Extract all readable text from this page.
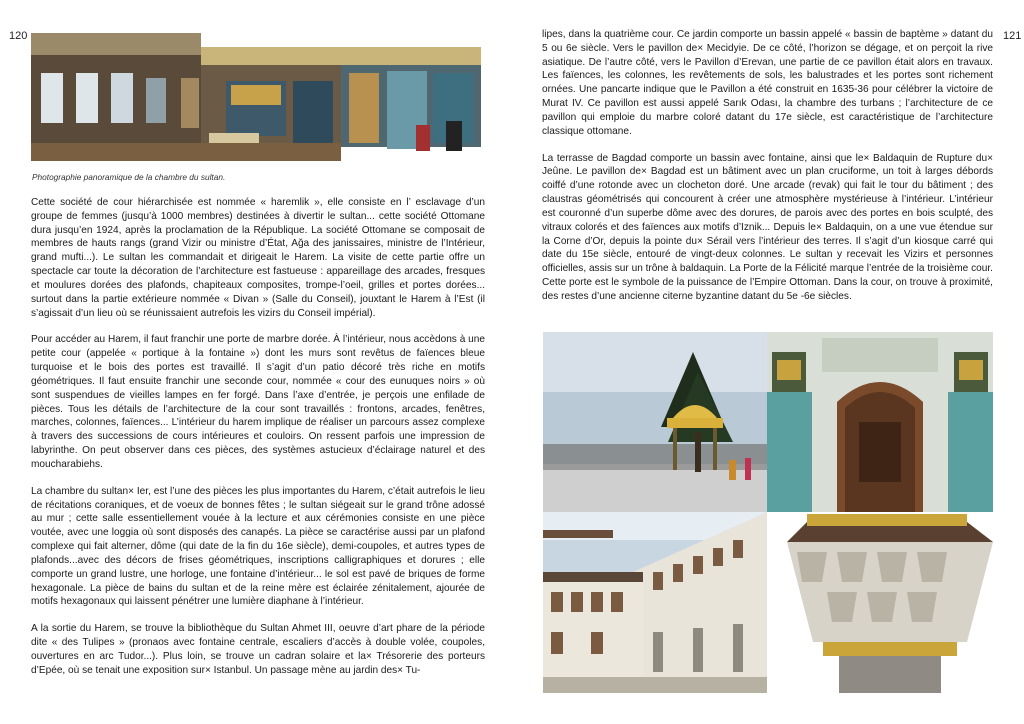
120	121
Photographie panoramique de la chambre du sultan.

Cette société de cour hiérarchisée est nommée « haremlik », elle consiste en l’ esclavage d’un groupe de femmes (jusqu’à 1000 membres) destinées à divertir le sultan... cette société Ottomane dura jusqu’en 1924, après la proclamation de la République. La société Ottomane se composait de membres de hauts rangs (grand Vizir ou ministre d’État, Ağa des janissaires, ministre de l’Intérieur, grand mufti...). Le sultan les commandait et dirigeait le Harem. La visite de cette partie offre un spectacle car toute la décoration de l’architecture est fastueuse : appareillage des arcades, fresques et moulures dorées des plafonds, chapiteaux composites, trompe-l’oeil, grilles et portes dorées... surtout dans la partie extérieure nommée « Divan » (Salle du Conseil), jouxtant le Harem à l’Est (il s’agissait d’un lieu où se réunissaient autrefois les vizirs du Conseil impérial).

Pour accéder au Harem, il faut franchir une porte de marbre dorée. À l’intérieur, nous accèdons à une petite cour (appelée « portique à la fontaine ») dont les murs sont revêtus de faïences bleue turquoise et le bois des portes est travaillé. Il s’agit d’un patio décoré très riche en motifs géométriques. Il faut ensuite franchir une seconde cour, nommée « cour des eunuques noirs » où sont suspendues de vieilles lampes en fer forgé. Dans l’axe d’entrée, je perçois une enfilade de pièces. Tous les détails de l’architecture de la cour sont travaillés : frontons, arcades, fenêtres, marches, colonnes, faïences... L’intérieur du harem implique de réaliser un parcours assez complexe à travers des successions de cours intérieures et couloirs. On ressent parfois une impression de labyrinthe. On peut observer dans ces pièces, des systèmes astucieux d’éclairage naturel et des moucharabiehs.

La chambre du sultan× Ier, est l’une des pièces les plus importantes du Harem, c’était autrefois le lieu de récitations coraniques, et de voeux de bonnes fêtes ; le sultan siégeait sur le grand trône adossé au mur ; cette salle essentiellement vouée à la lecture et aux cérémonies consiste en une pièce voutée, avec une loggia où sont disposés des canapés. La pièce se caractérise aussi par un plafond complexe qui fait alterner, dôme (qui date de la fin du 16e siècle), demi-coupoles, et autres types de plafonds...avec des décors de frises géométriques, inscriptions calligraphiques et dorures ; elle comporte un grand lustre, une horloge, une fontaine d’intérieur... le sol est pavé de briques de forme hexagonale. La pièce de bains du sultan et de la reine mère est éclairée zénitalement, ajourée de motifs hexagonaux qui laissent pénétrer une lumière diaphane à l’intérieur.

A la sortie du Harem, se trouve la bibliothèque du Sultan Ahmet III, oeuvre d’art phare de la période dite « des Tulipes » (pronaos avec fontaine centrale, escaliers d’accès à double volée, coupoles, ouvertures en arc Tudor...). Plus loin, se trouve un cadran solaire et la× Trésorerie des porteurs d’Epée, où se tenait une exposition sur× Istanbul. Un passage mène au jardin des× Tu-

lipes, dans la quatrième cour. Ce jardin comporte un bassin appelé « bassin de baptème » datant du 5 ou 6e siècle. Vers le pavillon de× Mecidyie. De ce côté, l’horizon se dégage, et on perçoit la rive asiatique. De l’autre côté, vers le Pavillon d’Erevan, une partie de ce pavillon était alors en travaux. Les faïences, les colonnes, les revêtements de sols, les balustrades et les portes sont richement ornées. Une pancarte indique que le Pavillon a été construit en 1635-36 pour célébrer la victoire de Murat IV. Ce pavillon est aussi appelé Sarık Odası, la chambre des turbans ; l’architecture de ce pavillon qui emploie du marbre coloré datant du 17e siècle, est caractéristique de l’architecture classique ottomane.

La terrasse de Bagdad comporte un bassin avec fontaine, ainsi que le× Baldaquin de Rupture du× Jeûne. Le pavillon de× Bagdad est un bâtiment avec un plan cruciforme, un toit à larges débords coiffé d’une rotonde avec un clocheton doré. Une arcade (revak) qui fait le tour du bâtiment ; des claustras géométrisés qui concourent à créer une atmosphère mystérieuse à l’intérieur. L’intérieur est couronné d’un superbe dôme avec des dorures, de parois avec des portes en bois sculpté, des vitraux colorés et des faïences aux motifs d’Iznik... Depuis le× Baldaquin, on a une vue étendue sur la Corne d’Or, depuis la pointe du× Sérail vers l’intérieur des terres. Il s’agit d’un kiosque carré qui date du 15e siècle, entouré de vingt-deux colonnes. Le sultan y recevait les Vizirs et personnes officielles, assis sur un trône à baldaquin. La Porte de la Félicité marque l’entrée de la troisième cour. Cette porte est le symbole de la puissance de l’Empire Ottoman. Dans la cour, on trouve à proximité, des restes d’une ancienne citerne byzantine datant du 5e -6e siècles.
